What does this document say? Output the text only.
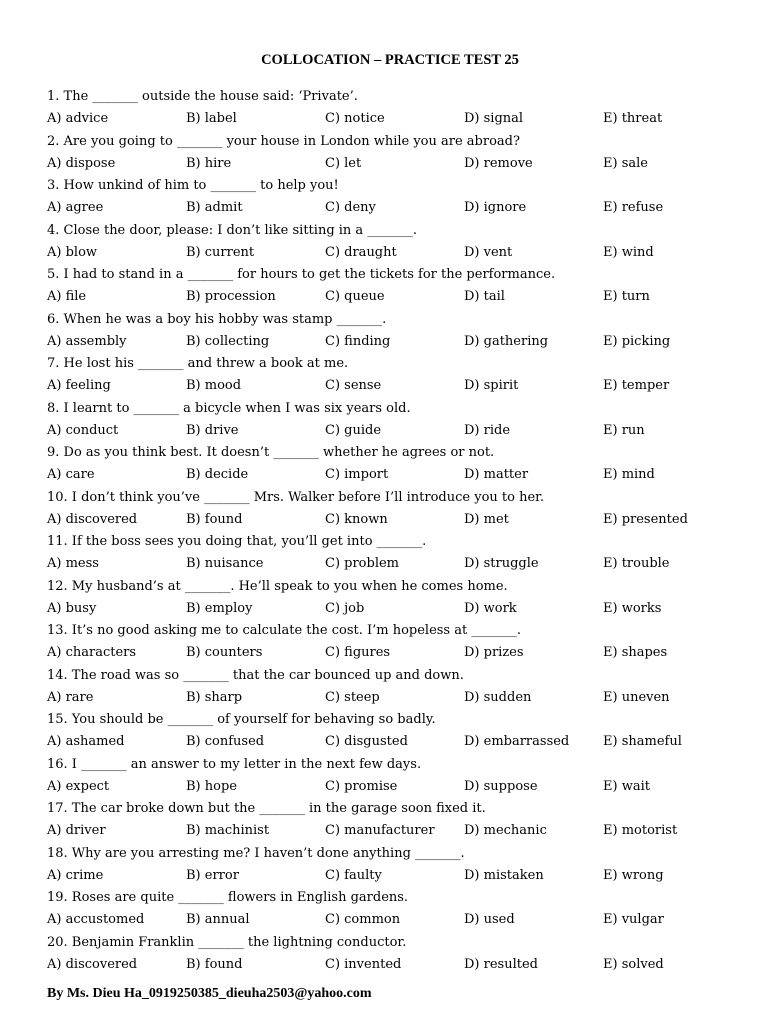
COLLOCATION – PRACTICE TEST 25
1. The _______ outside the house said: ‘Private’.
A) advice	B) label	C) notice	D) signal	E) threat
2. Are you going to _______ your house in London while you are abroad?
A) dispose	B) hire	C) let	D) remove	E) sale
3. How unkind of him to _______ to help you!
A) agree	B) admit	C) deny	D) ignore	E) refuse
4. Close the door, please: I don’t like sitting in a _______.
A) blow	B) current	C) draught	D) vent	E) wind
5. I had to stand in a _______ for hours to get the tickets for the performance.
A) file	B) procession	C) queue	D) tail	E) turn
6. When he was a boy his hobby was stamp _______.
A) assembly	B) collecting	C) finding	D) gathering	E) picking
7. He lost his _______ and threw a book at me.
A) feeling	B) mood	C) sense	D) spirit	E) temper
8. I learnt to _______ a bicycle when I was six years old.
A) conduct	B) drive	C) guide	D) ride	E) run
9. Do as you think best. It doesn’t _______ whether he agrees or not.
A) care	B) decide	C) import	D) matter	E) mind
10. I don’t think you’ve _______ Mrs. Walker before I’ll introduce you to her.
A) discovered	B) found	C) known	D) met	E) presented
11. If the boss sees you doing that, you’ll get into _______.
A) mess	B) nuisance	C) problem	D) struggle	E) trouble
12. My husband’s at _______. He’ll speak to you when he comes home.
A) busy	B) employ	C) job	D) work	E) works
13. It’s no good asking me to calculate the cost. I’m hopeless at _______.
A) characters	B) counters	C) figures	D) prizes	E) shapes
14. The road was so _______ that the car bounced up and down.
A) rare	B) sharp	C) steep	D) sudden	E) uneven
15. You should be _______ of yourself for behaving so badly.
A) ashamed	B) confused	C) disgusted	D) embarrassed	E) shameful
16. I _______ an answer to my letter in the next few days.
A) expect	B) hope	C) promise	D) suppose	E) wait
17. The car broke down but the _______ in the garage soon fixed it.
A) driver	B) machinist	C) manufacturer D) mechanic	E) motorist
18. Why are you arresting me? I haven’t done anything _______.
A) crime	B) error	C) faulty	D) mistaken	E) wrong
19. Roses are quite _______ flowers in English gardens.
A) accustomed	B) annual	C) common	D) used	E) vulgar
20. Benjamin Franklin _______ the lightning conductor.
A) discovered	B) found	C) invented	D) resulted	E) solved
By Ms. Dieu Ha_0919250385_dieuha2503@yahoo.com
